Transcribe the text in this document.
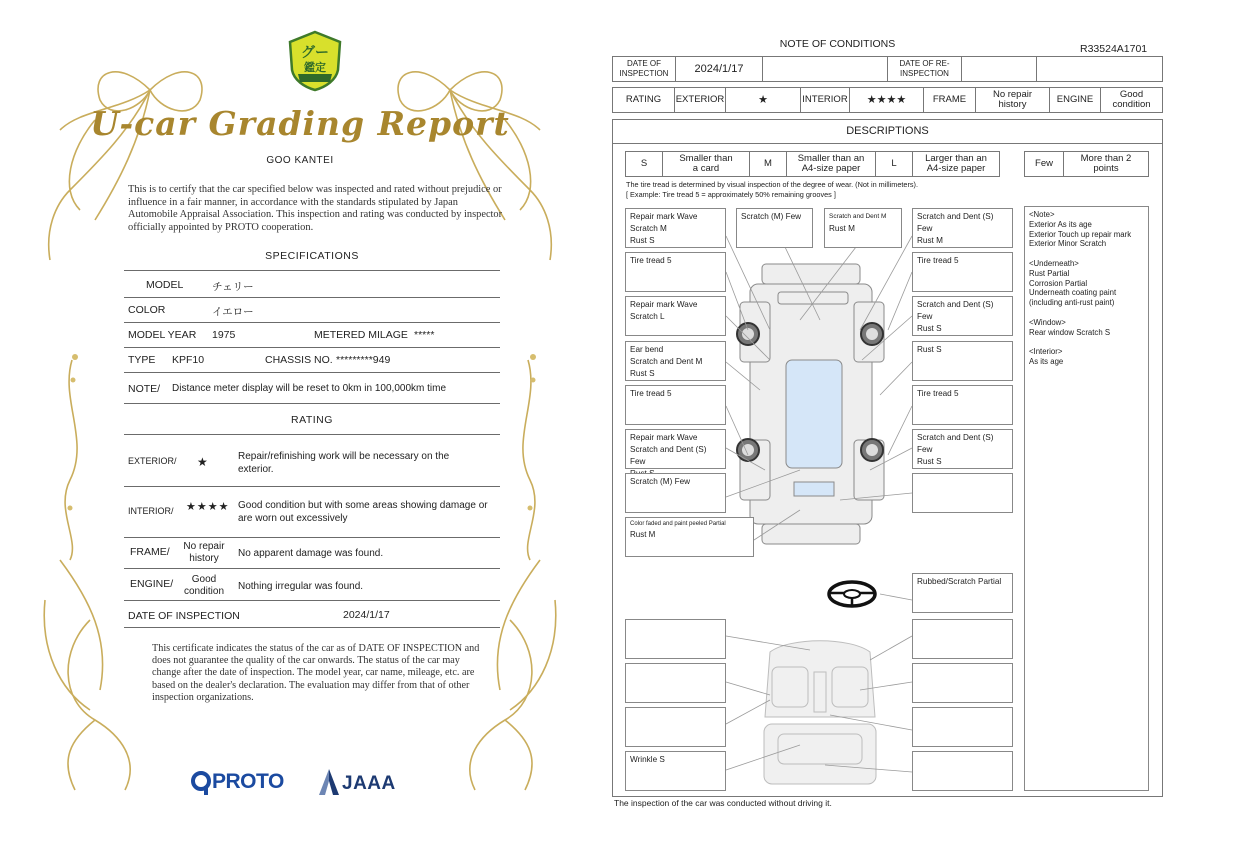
グー
鑑定
U-car Grading Report
GOO KANTEI
This is to certify that the car specified below was inspected and rated without prejudice or influence in a fair manner, in accordance with the standards stipulated by Japan Automobile Appraisal Association. This inspection and rating was conducted by inspector officially appointed by PROTO cooperation.
SPECIFICATIONS
MODEL	チェリー
COLOR	イエロー
MODEL YEAR 1975	METERED MILAGE *****
TYPE KPF10	CHASSIS NO. *********949
NOTE/ Distance meter display will be reset to 0km in 100,000km time
RATING
EXTERIOR/ ★	Repair/refinishing work will be necessary on the exterior.
INTERIOR/ ★★★★ Good condition but with some areas showing damage or are worn out excessively
FRAME/	No repair history	No apparent damage was found.
ENGINE/	Good condition	Nothing irregular was found.
DATE OF INSPECTION	2024/1/17
This certificate indicates the status of the car as of DATE OF INSPECTION and does not guarantee the quality of the car onwards. The status of the car may change after the date of inspection. The model year, car name, mileage, etc. are based on the dealer's declaration. The evaluation may differ from that of other inspection organizations.
PROTO	JAAA
NOTE OF CONDITIONS	R33524A1701
DATE OF INSPECTION	2024/1/17	DATE OF RE-INSPECTION
RATING	EXTERIOR	★	INTERIOR	★★★★	FRAME	No repair history	ENGINE	Good condition
DESCRIPTIONS
S	Smaller than a card	M	Smaller than an A4-size paper	L	Larger than an A4-size paper	Few	More than 2 points
The tire tread is determined by visual inspection of the degree of wear. (Not in millimeters).
[ Example: Tire tread 5 = approximately 50% remaining grooves ]
Repair mark Wave
Scratch M
Rust S
Scratch (M) Few	Scratch and Dent M
Rust M
Scratch and Dent (S) Few
Rust M
Tire tread 5	Tire tread 5
Repair mark Wave
Scratch L
Scratch and Dent (S) Few
Rust S
Ear bend
Scratch and Dent M
Rust S
Rust S
Tire tread 5	Tire tread 5
Repair mark Wave
Scratch and Dent (S) Few
Scratch and Dent (S) Few
Rust S
Scratch (M) Few
Color faded and paint peeled Partial
Rust M
Rubbed/Scratch Partial
Wrinkle S
<Note>
Exterior As its age
Exterior Touch up repair mark
Exterior Minor Scratch
<Underneath>
Rust Partial
Corrosion Partial
Underneath coating paint
(including anti-rust paint)
<Window>
Rear window Scratch S
<Interior>
As its age
The inspection of the car was conducted without driving it.
